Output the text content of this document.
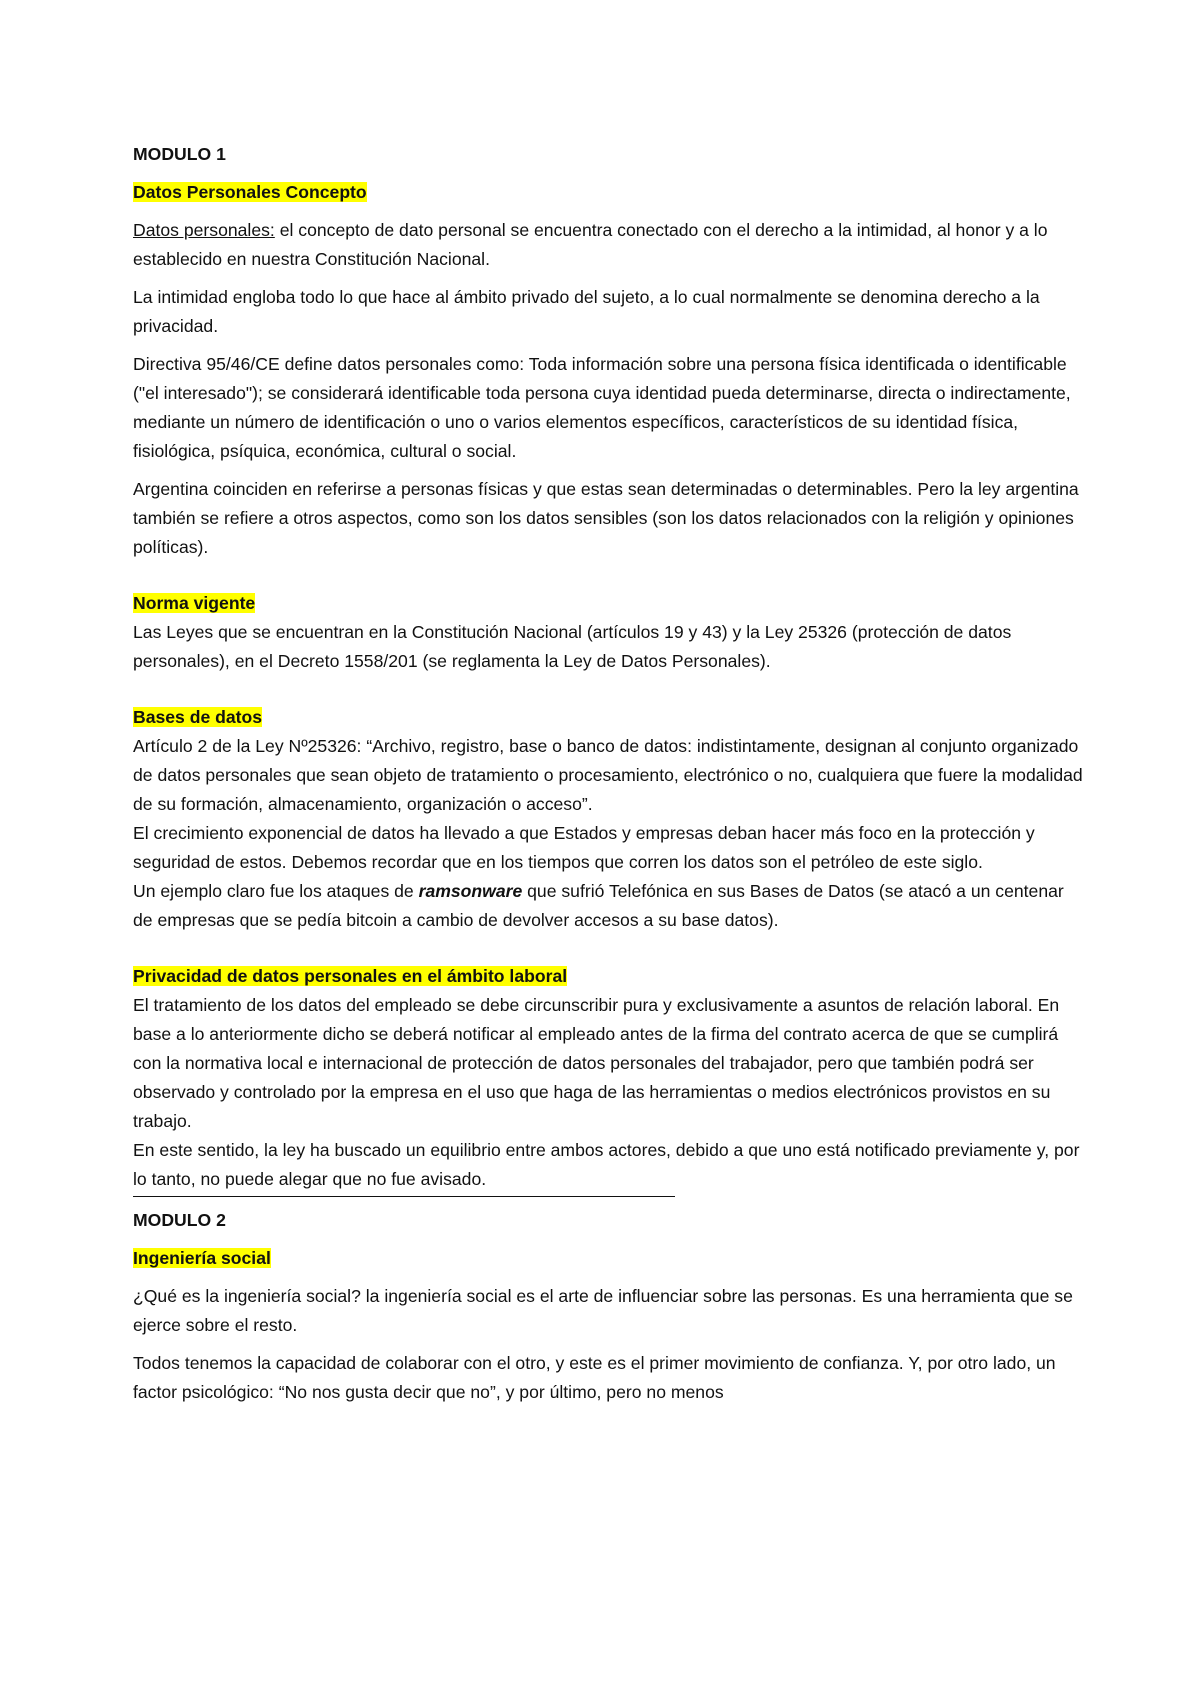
MODULO 1

Datos Personales Concepto

Datos personales: el concepto de dato personal se encuentra conectado con el derecho a la intimidad, al honor y a lo establecido en nuestra Constitución Nacional.

La intimidad engloba todo lo que hace al ámbito privado del sujeto, a lo cual normalmente se denomina derecho a la privacidad.

Directiva 95/46/CE define datos personales como: Toda información sobre una persona física identificada o identificable ("el interesado"); se considerará identificable toda persona cuya identidad pueda determinarse, directa o indirectamente, mediante un número de identificación o uno o varios elementos específicos, característicos de su identidad física, fisiológica, psíquica, económica, cultural o social.

Argentina coinciden en referirse a personas físicas y que estas sean determinadas o determinables. Pero la ley argentina también se refiere a otros aspectos, como son los datos sensibles (son los datos relacionados con la religión y opiniones políticas).

Norma vigente

Las Leyes que se encuentran en la Constitución Nacional (artículos 19 y 43) y la Ley 25326 (protección de datos personales), en el Decreto 1558/201 (se reglamenta la Ley de Datos Personales).

Bases de datos

Artículo 2 de la Ley Nº25326: “Archivo, registro, base o banco de datos: indistintamente, designan al conjunto organizado de datos personales que sean objeto de tratamiento o procesamiento, electrónico o no, cualquiera que fuere la modalidad de su formación, almacenamiento, organización o acceso”.

El crecimiento exponencial de datos ha llevado a que Estados y empresas deban hacer más foco en la protección y seguridad de estos. Debemos recordar que en los tiempos que corren los datos son el petróleo de este siglo.

Un ejemplo claro fue los ataques de ramsonware que sufrió Telefónica en sus Bases de Datos (se atacó a un centenar de empresas que se pedía bitcoin a cambio de devolver accesos a su base datos).

Privacidad de datos personales en el ámbito laboral

El tratamiento de los datos del empleado se debe circunscribir pura y exclusivamente a asuntos de relación laboral. En base a lo anteriormente dicho se deberá notificar al empleado antes de la firma del contrato acerca de que se cumplirá con la normativa local e internacional de protección de datos personales del trabajador, pero que también podrá ser observado y controlado por la empresa en el uso que haga de las herramientas o medios electrónicos provistos en su trabajo.

En este sentido, la ley ha buscado un equilibrio entre ambos actores, debido a que uno está notificado previamente y, por lo tanto, no puede alegar que no fue avisado.

MODULO 2

Ingeniería social

¿Qué es la ingeniería social? la ingeniería social es el arte de influenciar sobre las personas. Es una herramienta que se ejerce sobre el resto.

Todos tenemos la capacidad de colaborar con el otro, y este es el primer movimiento de confianza. Y, por otro lado, un factor psicológico: “No nos gusta decir que no”, y por último, pero no menos
